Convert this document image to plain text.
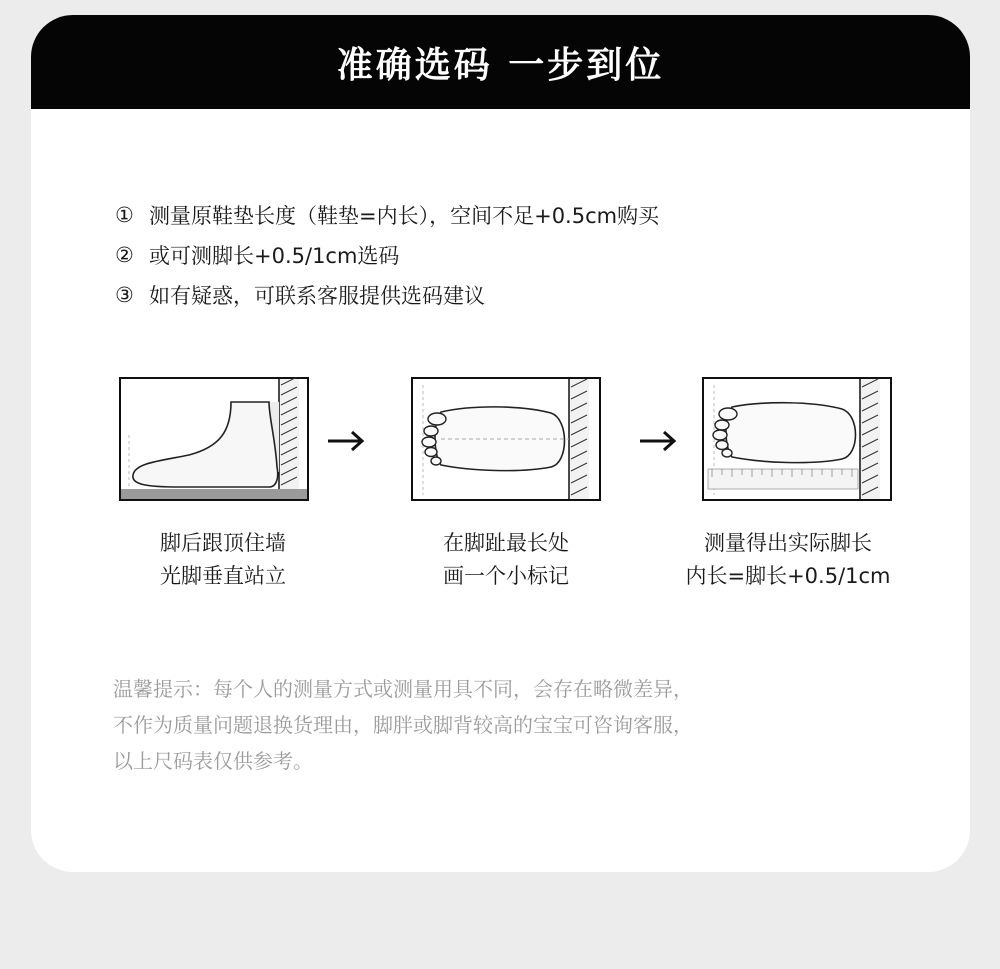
准确选码 一步到位
① 测量原鞋垫长度（鞋垫=内长），空间不足+0.5cm购买
② 或可测脚长+0.5/1cm选码
③ 如有疑惑，可联系客服提供选码建议
脚后跟顶住墙
光脚垂直站立
在脚趾最长处
画一个小标记
测量得出实际脚长
内长=脚长+0.5/1cm
温馨提示：每个人的测量方式或测量用具不同，会存在略微差异，
不作为质量问题退换货理由，脚胖或脚背较高的宝宝可咨询客服，
以上尺码表仅供参考。
